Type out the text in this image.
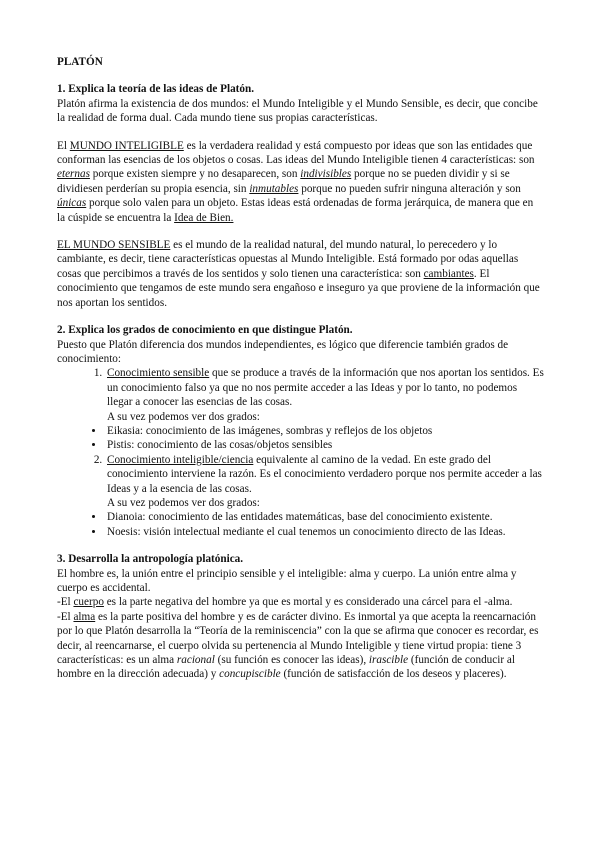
PLATÓN

1. Explica la teoría de las ideas de Platón.

Platón afirma la existencia de dos mundos: el Mundo Inteligible y el Mundo Sensible, es decir, que concibe la realidad de forma dual. Cada mundo tiene sus propias características.

El MUNDO INTELIGIBLE es la verdadera realidad y está compuesto por ideas que son las entidades que conforman las esencias de los objetos o cosas. Las ideas del Mundo Inteligible tienen 4 características: son eternas porque existen siempre y no desaparecen, son indivisibles porque no se pueden dividir y si se dividiesen perderían su propia esencia, sin inmutables porque no pueden sufrir ninguna alteración y son únicas porque solo valen para un objeto. Estas ideas está ordenadas de forma jerárquica, de manera que en la cúspide se encuentra la Idea de Bien.

EL MUNDO SENSIBLE es el mundo de la realidad natural, del mundo natural, lo perecedero y lo cambiante, es decir, tiene características opuestas al Mundo Inteligible. Está formado por odas aquellas cosas que percibimos a través de los sentidos y solo tienen una característica: son cambiantes. El conocimiento que tengamos de este mundo sera engañoso e inseguro ya que proviene de la información que nos aportan los sentidos.

2. Explica los grados de conocimiento en que distingue Platón.

Puesto que Platón diferencia dos mundos independientes, es lógico que diferencie también grados de conocimiento:

1. Conocimiento sensible que se produce a través de la información que nos aportan los sentidos. Es un conocimiento falso ya que no nos permite acceder a las Ideas y por lo tanto, no podemos llegar a conocer las esencias de las cosas.
A su vez podemos ver dos grados:
• Eikasia: conocimiento de las imágenes, sombras y reflejos de los objetos
• Pistis: conocimiento de las cosas/objetos sensibles
2. Conocimiento inteligible/ciencia equivalente al camino de la vedad. En este grado del conocimiento interviene la razón. Es el conocimiento verdadero porque nos permite acceder a las Ideas y a la esencia de las cosas.
A su vez podemos ver dos grados:
• Dianoia: conocimiento de las entidades matemáticas, base del conocimiento existente.
• Noesis: visión intelectual mediante el cual tenemos un conocimiento directo de las Ideas.

3. Desarrolla la antropología platónica.

El hombre es, la unión entre el principio sensible y el inteligible: alma y cuerpo. La unión entre alma y cuerpo es accidental.

-El cuerpo es la parte negativa del hombre ya que es mortal y es considerado una cárcel para el -alma.

-El alma es la parte positiva del hombre y es de carácter divino. Es inmortal ya que acepta la reencarnación por lo que Platón desarrolla la “Teoría de la reminiscencia” con la que se afirma que conocer es recordar, es decir, al reencarnarse, el cuerpo olvida su pertenencia al Mundo Inteligible y tiene virtud propia: tiene 3 características: es un alma racional (su función es conocer las ideas), irascible (función de conducir al hombre en la dirección adecuada) y concupiscible (función de satisfacción de los deseos y placeres).
